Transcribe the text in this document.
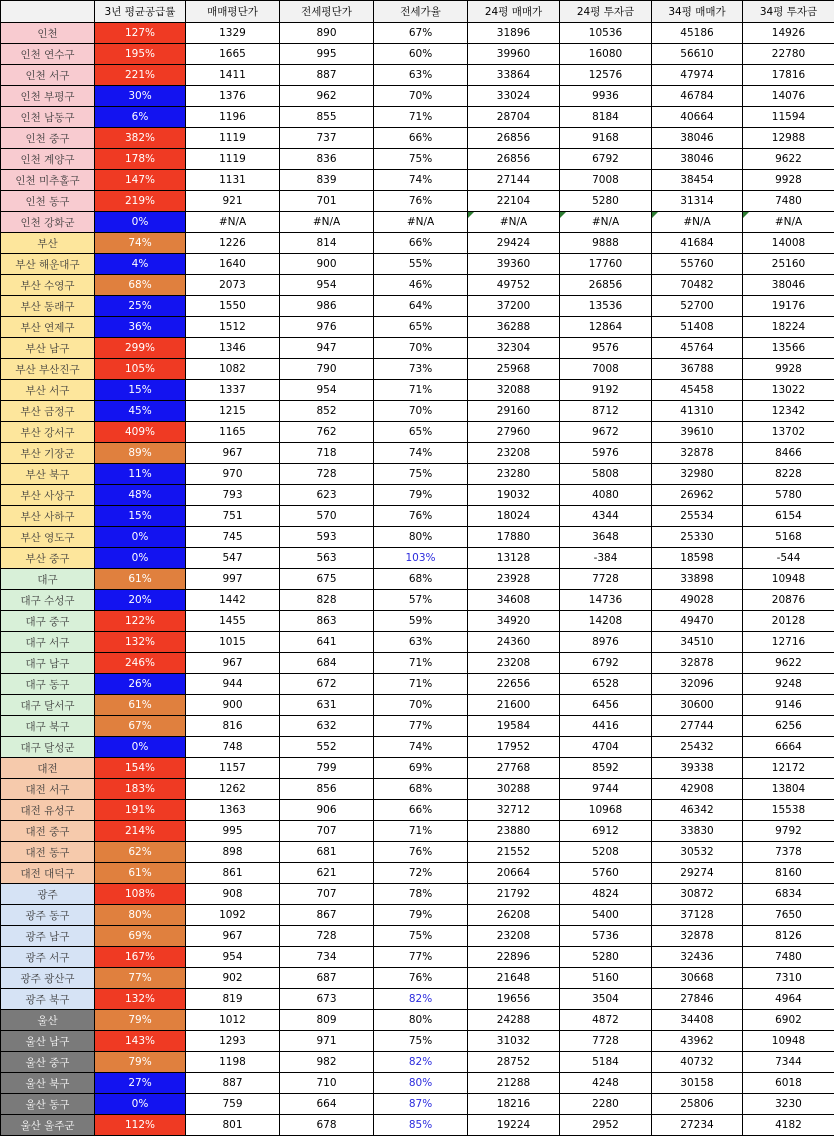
	3년 평균공급률	매매평단가	전세평단가	전세가율	24평 매매가	24평 투자금	34평 매매가	34평 투자금
인천	127%	1329	890	67%	31896	10536	45186	14926
인천 연수구	195%	1665	995	60%	39960	16080	56610	22780
인천 서구	221%	1411	887	63%	33864	12576	47974	17816
인천 부평구	30%	1376	962	70%	33024	9936	46784	14076
인천 남동구	6%	1196	855	71%	28704	8184	40664	11594
인천 중구	382%	1119	737	66%	26856	9168	38046	12988
인천 계양구	178%	1119	836	75%	26856	6792	38046	9622
인천 미추홀구	147%	1131	839	74%	27144	7008	38454	9928
인천 동구	219%	921	701	76%	22104	5280	31314	7480
인천 강화군	0%	#N/A	#N/A	#N/A	#N/A	#N/A	#N/A	#N/A

부산	74%	1226	814	66%	29424	9888	41684	14008
부산 해운대구	4%	1640	900	55%	39360	17760	55760	25160
부산 수영구	68%	2073	954	46%	49752	26856	70482	38046
부산 동래구	25%	1550	986	64%	37200	13536	52700	19176
부산 연제구	36%	1512	976	65%	36288	12864	51408	18224
부산 남구	299%	1346	947	70%	32304	9576	45764	13566
부산 부산진구	105%	1082	790	73%	25968	7008	36788	9928
부산 서구	15%	1337	954	71%	32088	9192	45458	13022
부산 금정구	45%	1215	852	70%	29160	8712	41310	12342
부산 강서구	409%	1165	762	65%	27960	9672	39610	13702
부산 기장군	89%	967	718	74%	23208	5976	32878	8466
부산 북구	11%	970	728	75%	23280	5808	32980	8228
부산 사상구	48%	793	623	79%	19032	4080	26962	5780
부산 사하구	15%	751	570	76%	18024	4344	25534	6154
부산 영도구	0%	745	593	80%	17880	3648	25330	5168
부산 중구	0%	547	563	103%	13128	-384	18598	-544
대구	61%	997	675	68%	23928	7728	33898	10948
대구 수성구	20%	1442	828	57%	34608	14736	49028	20876
대구 중구	122%	1455	863	59%	34920	14208	49470	20128
대구 서구	132%	1015	641	63%	24360	8976	34510	12716
대구 남구	246%	967	684	71%	23208	6792	32878	9622
대구 동구	26%	944	672	71%	22656	6528	32096	9248
대구 달서구	61%	900	631	70%	21600	6456	30600	9146
대구 북구	67%	816	632	77%	19584	4416	27744	6256
대구 달성군	0%	748	552	74%	17952	4704	25432	6664
대전	154%	1157	799	69%	27768	8592	39338	12172
대전 서구	183%	1262	856	68%	30288	9744	42908	13804
대전 유성구	191%	1363	906	66%	32712	10968	46342	15538
대전 중구	214%	995	707	71%	23880	6912	33830	9792
대전 동구	62%	898	681	76%	21552	5208	30532	7378
대전 대덕구	61%	861	621	72%	20664	5760	29274	8160
광주	108%	908	707	78%	21792	4824	30872	6834
광주 동구	80%	1092	867	79%	26208	5400	37128	7650
광주 남구	69%	967	728	75%	23208	5736	32878	8126
광주 서구	167%	954	734	77%	22896	5280	32436	7480
광주 광산구	77%	902	687	76%	21648	5160	30668	7310
광주 북구	132%	819	673	82%	19656	3504	27846	4964
울산	79%	1012	809	80%	24288	4872	34408	6902
울산 남구	143%	1293	971	75%	31032	7728	43962	10948
울산 중구	79%	1198	982	82%	28752	5184	40732	7344
울산 북구	27%	887	710	80%	21288	4248	30158	6018
울산 동구	0%	759	664	87%	18216	2280	25806	3230
울산 울주군	112%	801	678	85%	19224	2952	27234	4182
